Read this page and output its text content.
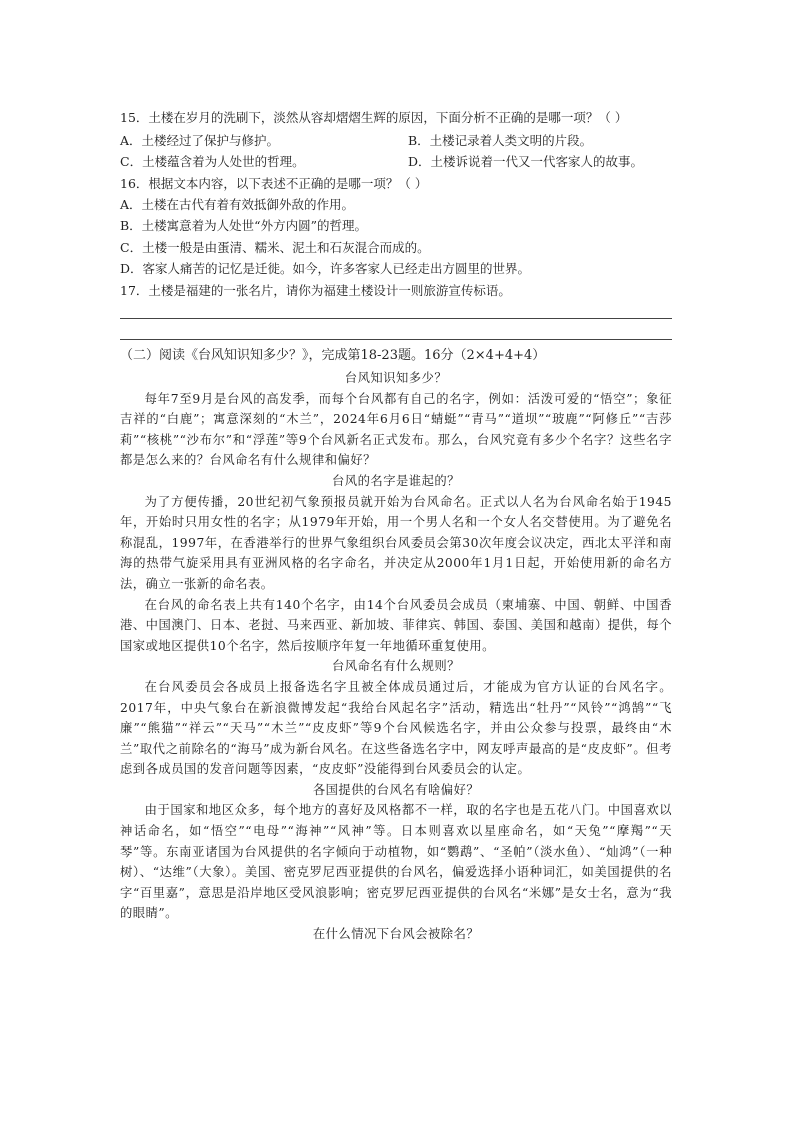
15．土楼在岁月的洗刷下，淡然从容却熠熠生辉的原因，下面分析不正确的是哪一项？（ ）
A．土楼经过了保护与修护。	B．土楼记录着人类文明的片段。
C．土楼蕴含着为人处世的哲理。	D．土楼诉说着一代又一代客家人的故事。
16．根据文本内容，以下表述不正确的是哪一项？（ ）
A．土楼在古代有着有效抵御外敌的作用。
B．土楼寓意着为人处世“外方内圆”的哲理。
C．土楼一般是由蛋清、糯米、泥土和石灰混合而成的。
D．客家人痛苦的记忆是迁徙。如今，许多客家人已经走出方圆里的世界。
17．土楼是福建的一张名片，请你为福建土楼设计一则旅游宣传标语。
（二）阅读《台风知识知多少？》，完成第18-23题。16分（2×4+4+4）

台风知识知多少？

每年7至9月是台风的高发季，而每个台风都有自己的名字，例如：活泼可爱的“悟空”；象征吉祥的“白鹿”；寓意深刻的“木兰”，2024年6月6日“蜻蜓”“青马”“道坝”“玻鹿”“阿修丘”“吉莎莉”“核桃”“沙布尔”和“浮莲”等9个台风新名正式发布。那么，台风究竟有多少个名字？这些名字都是怎么来的？台风命名有什么规律和偏好？

台风的名字是谁起的？

为了方便传播，20世纪初气象预报员就开始为台风命名。正式以人名为台风命名始于1945年，开始时只用女性的名字；从1979年开始，用一个男人名和一个女人名交替使用。为了避免名称混乱，1997年，在香港举行的世界气象组织台风委员会第30次年度会议决定，西北太平洋和南海的热带气旋采用具有亚洲风格的名字命名，并决定从2000年1月1日起，开始使用新的命名方法，确立一张新的命名表。

在台风的命名表上共有140个名字，由14个台风委员会成员（柬埔寨、中国、朝鲜、中国香港、中国澳门、日本、老挝、马来西亚、新加坡、菲律宾、韩国、泰国、美国和越南）提供，每个国家或地区提供10个名字，然后按顺序年复一年地循环重复使用。

台风命名有什么规则？

在台风委员会各成员上报备选名字且被全体成员通过后，才能成为官方认证的台风名字。2017年，中央气象台在新浪微博发起“我给台风起名字”活动，精选出“牡丹”“风铃”“鸿鹄”“飞廉”“熊猫”“祥云”“天马”“木兰”“皮皮虾”等9个台风候选名字，并由公众参与投票，最终由“木兰”取代之前除名的“海马”成为新台风名。在这些备选名字中，网友呼声最高的是“皮皮虾”。但考虑到各成员国的发音问题等因素，“皮皮虾”没能得到台风委员会的认定。

各国提供的台风名有啥偏好？

由于国家和地区众多，每个地方的喜好及风格都不一样，取的名字也是五花八门。中国喜欢以神话命名，如“悟空”“电母”“海神”“风神”等。日本则喜欢以星座命名，如“天兔”“摩羯”“天琴”等。东南亚诸国为台风提供的名字倾向于动植物，如“鹦鹉”、“圣帕”（淡水鱼）、“灿鸿”（一种树）、“达维”（大象）。美国、密克罗尼西亚提供的台风名，偏爱选择小语种词汇，如美国提供的名字“百里嘉”，意思是沿岸地区受风浪影响；密克罗尼西亚提供的台风名“米娜”是女士名，意为“我的眼睛”。

在什么情况下台风会被除名？
